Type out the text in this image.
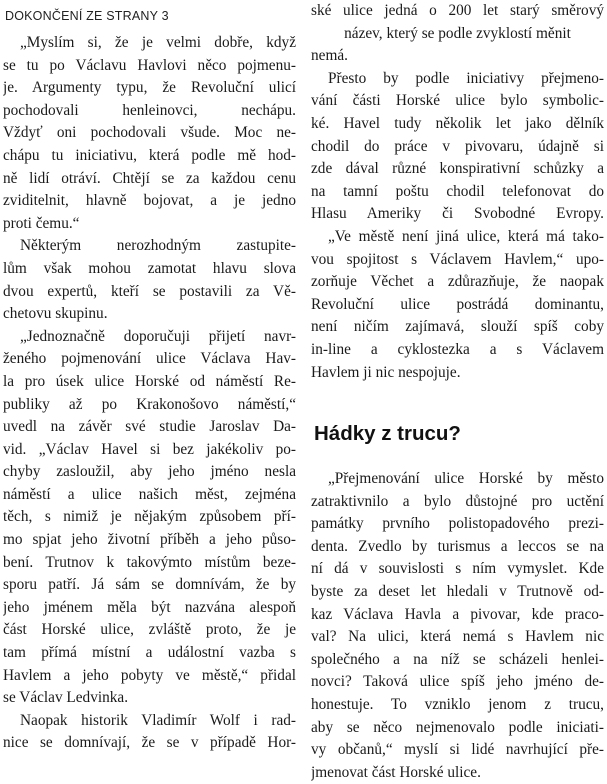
DOKONČENÍ ZE STRANY 3
„Myslím si, že je velmi dobře, když
se tu po Václavu Havlovi něco pojmenu-
je. Argumenty typu, že Revoluční ulicí
pochodovali henleinovci, nechápu.
Vždyť oni pochodovali všude. Moc ne-
chápu tu iniciativu, která podle mě hod-
ně lidí otráví. Chtějí se za každou cenu
zviditelnit, hlavně bojovat, a je jedno
proti čemu.“
Některým nerozhodným zastupite-
lům však mohou zamotat hlavu slova
dvou expertů, kteří se postavili za Vě-
chetovu skupinu.
„Jednoznačně doporučuji přijetí navr-
ženého pojmenování ulice Václava Hav-
la pro úsek ulice Horské od náměstí Re-
publiky až po Krakonošovo náměstí,“
uvedl na závěr své studie Jaroslav Da-
vid. „Václav Havel si bez jakékoliv po-
chyby zasloužil, aby jeho jméno nesla
náměstí a ulice našich měst, zejména
těch, s nimiž je nějakým způsobem pří-
mo spjat jeho životní příběh a jeho půso-
bení. Trutnov k takovýmto místům beze-
sporu patří. Já sám se domnívám, že by
jeho jménem měla být nazvána alespoň
část Horské ulice, zvláště proto, že je
tam přímá místní a událostní vazba s
Havlem a jeho pobyty ve městě,“ přidal
se Václav Ledvinka.
Naopak historik Vladimír Wolf i rad-
nice se domnívají, že se v případě Hor-
ské ulice jedná o 200 let starý směrový
název, který se podle zvyklostí měnit
nemá.
Přesto by podle iniciativy přejmeno-
vání části Horské ulice bylo symbolic-
ké. Havel tudy několik let jako dělník
chodil do práce v pivovaru, údajně si
zde dával různé konspirativní schůzky a
na tamní poštu chodil telefonovat do
Hlasu Ameriky či Svobodné Evropy.
„Ve městě není jiná ulice, která má tako-
vou spojitost s Václavem Havlem,“ upo-
zorňuje Věchet a zdůrazňuje, že naopak
Revoluční ulice postrádá dominantu,
není ničím zajímavá, slouží spíš coby
in-line a cyklostezka a s Václavem
Havlem ji nic nespojuje.
Hádky z trucu?
„Přejmenování ulice Horské by město
zatraktivnilo a bylo důstojné pro uctění
památky prvního polistopadového prezi-
denta. Zvedlo by turismus a leccos se na
ní dá v souvislosti s ním vymyslet. Kde
byste za deset let hledali v Trutnově od-
kaz Václava Havla a pivovar, kde praco-
val? Na ulici, která nemá s Havlem nic
společného a na níž se scházeli henlei-
novci? Taková ulice spíš jeho jméno de-
honestuje. To vzniklo jenom z trucu,
aby se něco nejmenovalo podle iniciati-
vy občanů,“ myslí si lidé navrhující pře-
jmenovat část Horské ulice.
